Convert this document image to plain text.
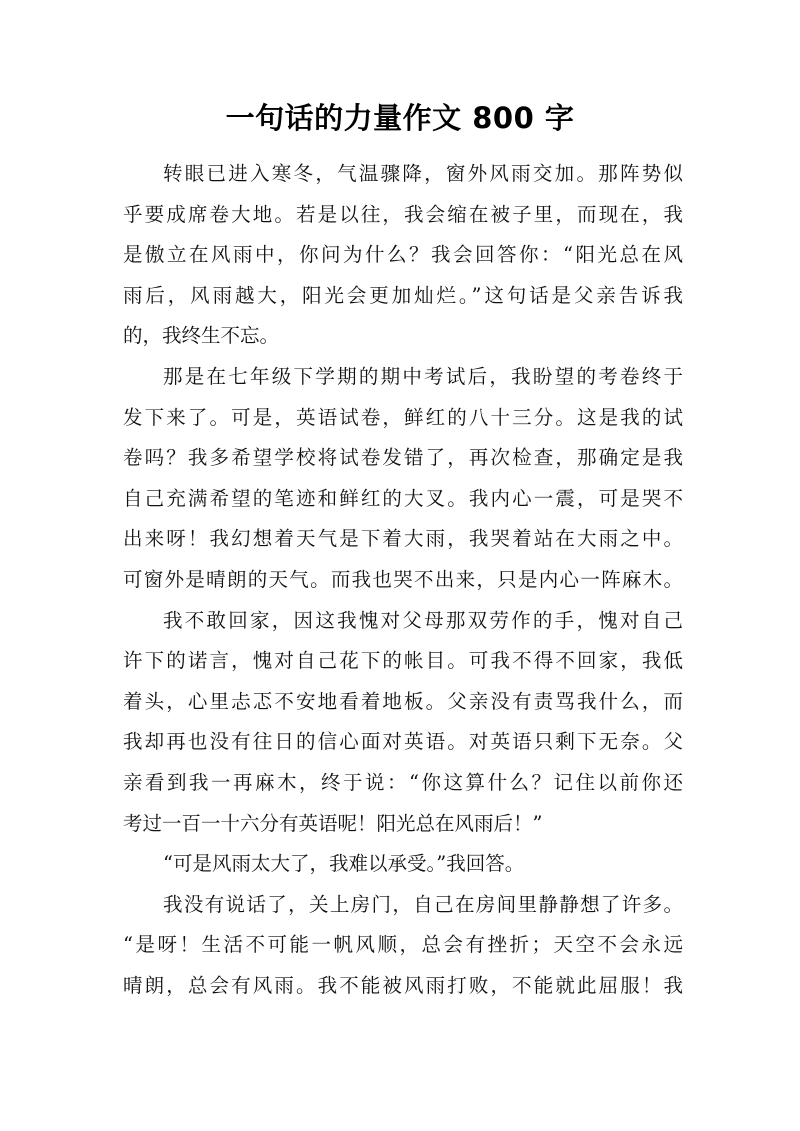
一句话的力量作文 800 字
转眼已进入寒冬，气温骤降，窗外风雨交加。那阵势似
乎要成席卷大地。若是以往，我会缩在被子里，而现在，我
是傲立在风雨中，你问为什么？我会回答你：“阳光总在风
雨后，风雨越大，阳光会更加灿烂。”这句话是父亲告诉我
的，我终生不忘。
那是在七年级下学期的期中考试后，我盼望的考卷终于
发下来了。可是，英语试卷，鲜红的八十三分。这是我的试
卷吗？我多希望学校将试卷发错了，再次检查，那确定是我
自己充满希望的笔迹和鲜红的大叉。我内心一震，可是哭不
出来呀！我幻想着天气是下着大雨，我哭着站在大雨之中。
可窗外是晴朗的天气。而我也哭不出来，只是内心一阵麻木。
我不敢回家，因这我愧对父母那双劳作的手，愧对自己
许下的诺言，愧对自己花下的帐目。可我不得不回家，我低
着头，心里忐忑不安地看着地板。父亲没有责骂我什么，而
我却再也没有往日的信心面对英语。对英语只剩下无奈。父
亲看到我一再麻木，终于说：“你这算什么？记住以前你还
考过一百一十六分有英语呢！阳光总在风雨后！”
“可是风雨太大了，我难以承受。”我回答。
我没有说话了，关上房门，自己在房间里静静想了许多。
“是呀！生活不可能一帆风顺，总会有挫折；天空不会永远
晴朗，总会有风雨。我不能被风雨打败，不能就此屈服！我
